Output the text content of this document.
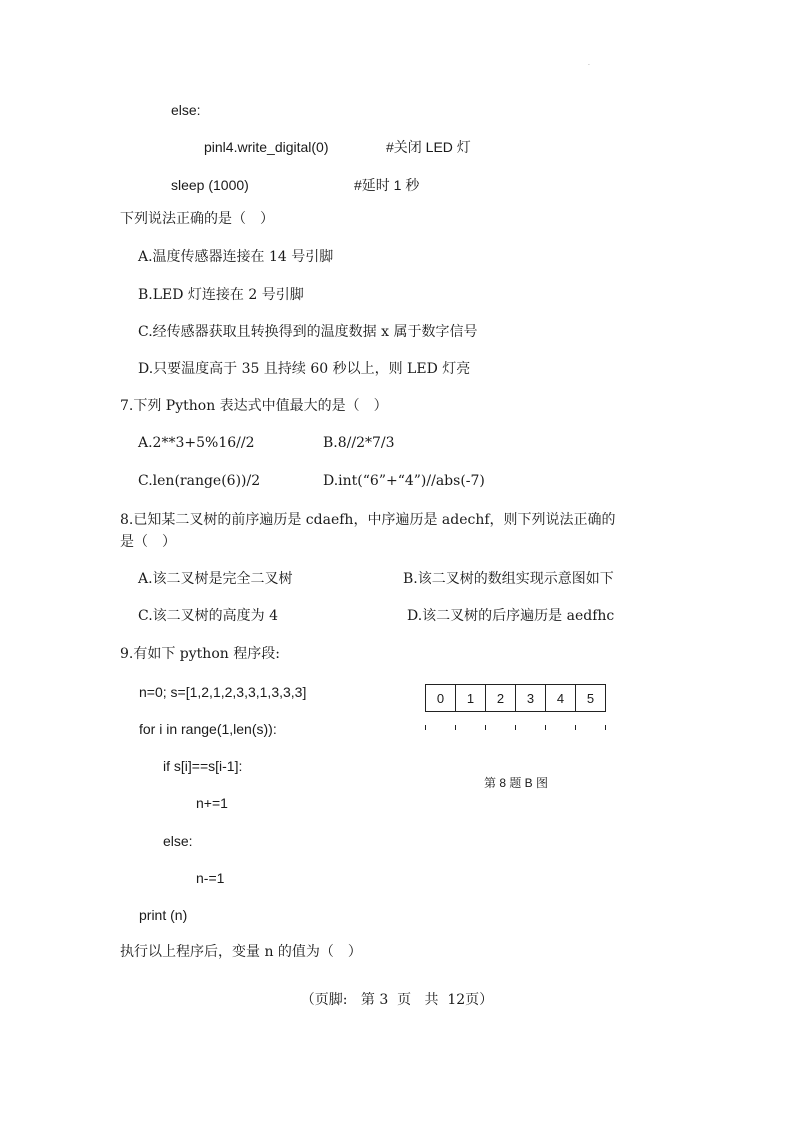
·
else:
pinl4.write_digital(0)	#关闭 LED 灯
sleep (1000)	#延时 1 秒
下列说法正确的是（　）
A.温度传感器连接在 14 号引脚
B.LED 灯连接在 2 号引脚
C.经传感器获取且转换得到的温度数据 x 属于数字信号
D.只要温度高于 35 且持续 60 秒以上，则 LED 灯亮
7.下列 Python 表达式中值最大的是（　）
A.2**3+5%16//2	B.8//2*7/3
C.len(range(6))/2	D.int(“6”+“4”)//abs(-7)
8.已知某二叉树的前序遍历是 cdaefh，中序遍历是 adechf，则下列说法正确的
是（　）
A.该二叉树是完全二叉树	B.该二叉树的数组实现示意图如下
C.该二叉树的高度为 4	D.该二叉树的后序遍历是 aedfhc
9.有如下 python 程序段:
n=0; s=[1,2,1,2,3,3,1,3,3,3]
for i in range(1,len(s)):
if s[i]==s[i-1]:
n+=1
else:
n-=1
print (n)
执行以上程序后，变量 n 的值为（　）
0	1	2	3	4	5
第 8 题 B 图
（页脚:   第 3  页   共  12页）
